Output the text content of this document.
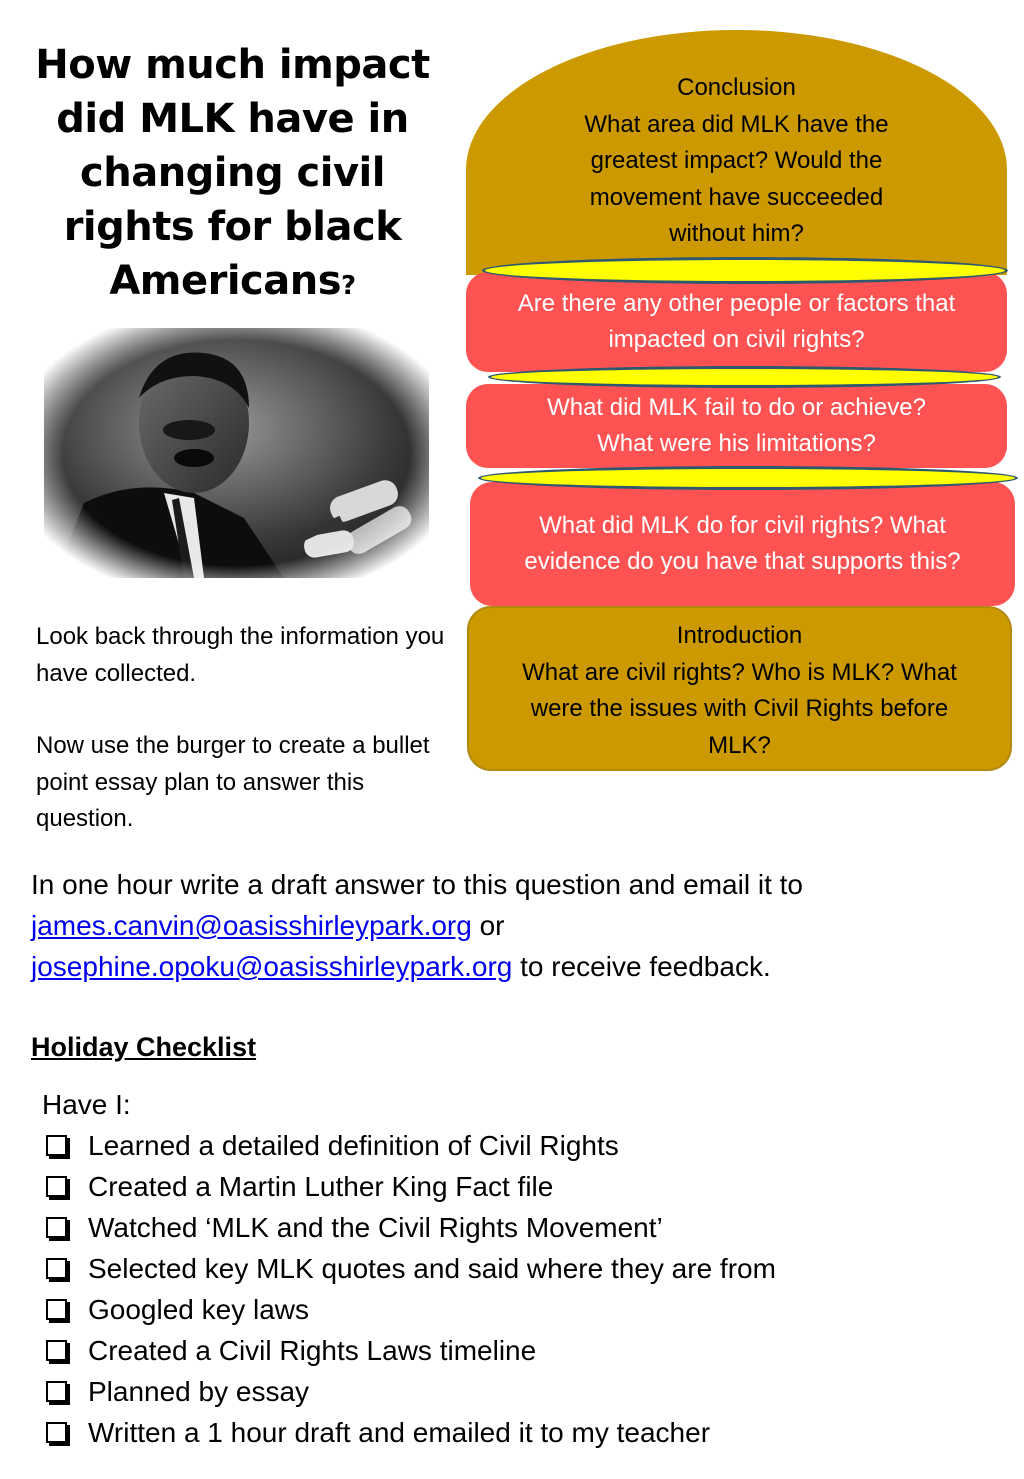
How much impact did MLK have in changing civil rights for black Americans?

Look back through the information you have collected.

Now use the burger to create a bullet point essay plan to answer this question.

Conclusion
What area did MLK have the greatest impact? Would the movement have succeeded without him?
Are there any other people or factors that impacted on civil rights?
What did MLK fail to do or achieve? What were his limitations?
What did MLK do for civil rights? What evidence do you have that supports this?
Introduction
What are civil rights? Who is MLK? What were the issues with Civil Rights before MLK?
In one hour write a draft answer to this question and email it to james.canvin@oasisshirleypark.org or
josephine.opoku@oasisshirleypark.org to receive feedback.
Holiday Checklist
Have I:
Learned a detailed definition of Civil Rights
Created a Martin Luther King Fact file
Watched ‘MLK and the Civil Rights Movement’
Selected key MLK quotes and said where they are from
Googled key laws
Created a Civil Rights Laws timeline
Planned by essay
Written a 1 hour draft and emailed it to my teacher
